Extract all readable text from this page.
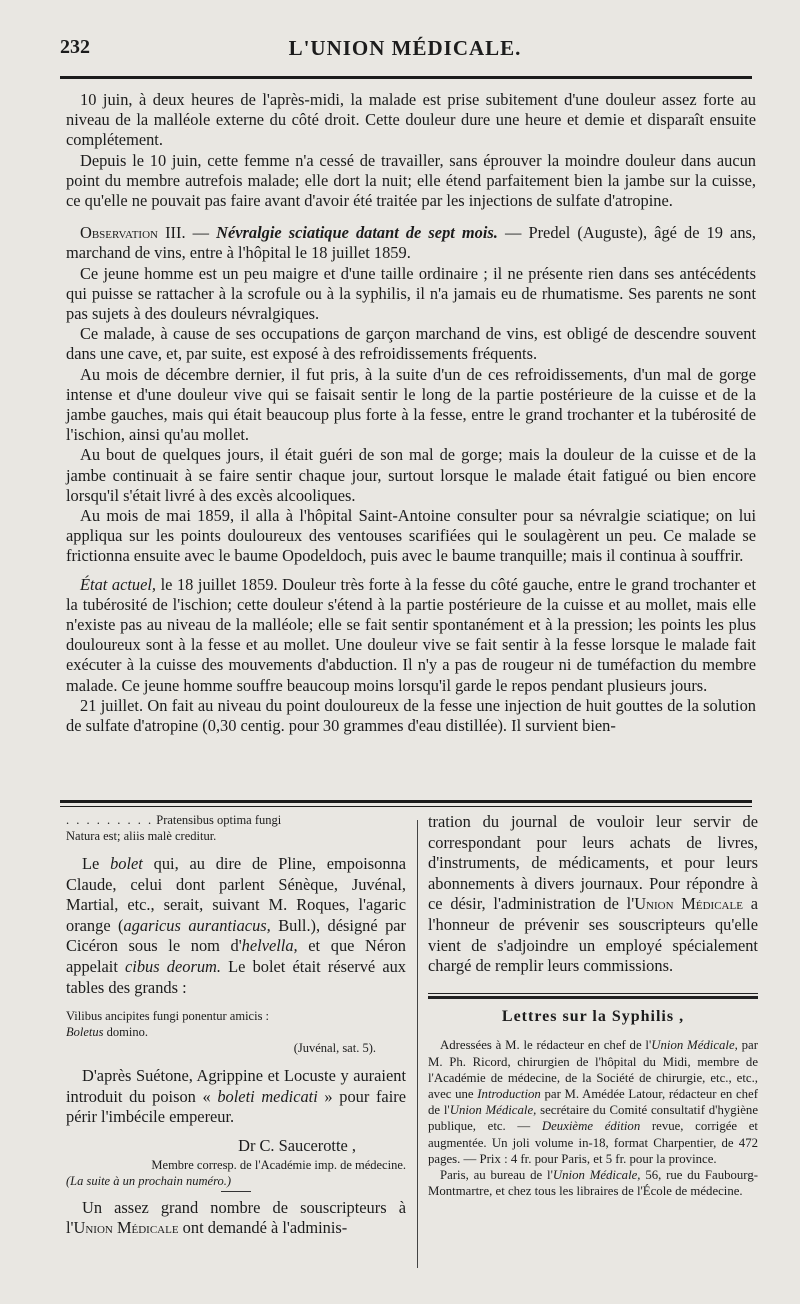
232	L'UNION MÉDICALE.

10 juin, à deux heures de l'après-midi, la malade est prise subitement d'une douleur assez forte au niveau de la malléole externe du côté droit. Cette douleur dure une heure et demie et disparaît ensuite complétement.

Depuis le 10 juin, cette femme n'a cessé de travailler, sans éprouver la moindre douleur dans aucun point du membre autrefois malade; elle dort la nuit; elle étend parfaitement bien la jambe sur la cuisse, ce qu'elle ne pouvait pas faire avant d'avoir été traitée par les injections de sulfate d'atropine.

Observation III. — Névralgie sciatique datant de sept mois. — Predel (Auguste), âgé de 19 ans, marchand de vins, entre à l'hôpital le 18 juillet 1859.

Ce jeune homme est un peu maigre et d'une taille ordinaire ; il ne présente rien dans ses antécédents qui puisse se rattacher à la scrofule ou à la syphilis, il n'a jamais eu de rhumatisme. Ses parents ne sont pas sujets à des douleurs névralgiques.

Ce malade, à cause de ses occupations de garçon marchand de vins, est obligé de descendre souvent dans une cave, et, par suite, est exposé à des refroidissements fréquents.

Au mois de décembre dernier, il fut pris, à la suite d'un de ces refroidissements, d'un mal de gorge intense et d'une douleur vive qui se faisait sentir le long de la partie postérieure de la cuisse et de la jambe gauches, mais qui était beaucoup plus forte à la fesse, entre le grand trochanter et la tubérosité de l'ischion, ainsi qu'au mollet.

Au bout de quelques jours, il était guéri de son mal de gorge; mais la douleur de la cuisse et de la jambe continuait à se faire sentir chaque jour, surtout lorsque le malade était fatigué ou bien encore lorsqu'il s'était livré à des excès alcooliques.

Au mois de mai 1859, il alla à l'hôpital Saint-Antoine consulter pour sa névralgie sciatique; on lui appliqua sur les points douloureux des ventouses scarifiées qui le soulagèrent un peu. Ce malade se frictionna ensuite avec le baume Opodeldoch, puis avec le baume tranquille; mais il continua à souffrir.

État actuel, le 18 juillet 1859. Douleur très forte à la fesse du côté gauche, entre le grand trochanter et la tubérosité de l'ischion; cette douleur s'étend à la partie postérieure de la cuisse et au mollet, mais elle n'existe pas au niveau de la malléole; elle se fait sentir spontanément et à la pression; les points les plus douloureux sont à la fesse et au mollet. Une douleur vive se fait sentir à la fesse lorsque le malade fait exécuter à la cuisse des mouvements d'abduction. Il n'y a pas de rougeur ni de tuméfaction du membre malade. Ce jeune homme souffre beaucoup moins lorsqu'il garde le repos pendant plusieurs jours.

21 juillet. On fait au niveau du point douloureux de la fesse une injection de huit gouttes de la solution de sulfate d'atropine (0,30 centig. pour 30 grammes d'eau distillée). Il survient bien-

. . . . . . . . . Pratensibus optima fungi

Natura est; aliis malè creditur.

Le bolet qui, au dire de Pline, empoisonna Claude, celui dont parlent Sénèque, Juvénal, Martial, etc., serait, suivant M. Roques, l'agaric orange (agaricus aurantiacus, Bull.), désigné par Cicéron sous le nom d'helvella, et que Néron appelait cibus deorum. Le bolet était réservé aux tables des grands :

Vilibus ancipites fungi ponentur amicis :

Boletus domino.

(Juvénal, sat. 5).

D'après Suétone, Agrippine et Locuste y auraient introduit du poison « boleti medicati » pour faire périr l'imbécile empereur.

Dr C. Saucerotte ,

Membre corresp. de l'Académie imp. de médecine.

(La suite à un prochain numéro.)

Un assez grand nombre de souscripteurs à l'Union Médicale ont demandé à l'adminis-

tration du journal de vouloir leur servir de correspondant pour leurs achats de livres, d'instruments, de médicaments, et pour leurs abonnements à divers journaux. Pour répondre à ce désir, l'administration de l'Union Médicale a l'honneur de prévenir ses souscripteurs qu'elle vient de s'adjoindre un employé spécialement chargé de remplir leurs commissions.

Lettres sur la Syphilis ,

Adressées à M. le rédacteur en chef de l'Union Médicale, par M. Ph. Ricord, chirurgien de l'hôpital du Midi, membre de l'Académie de médecine, de la Société de chirurgie, etc., etc., avec une Introduction par M. Amédée Latour, rédacteur en chef de l'Union Médicale, secrétaire du Comité consultatif d'hygiène publique, etc. — Deuxième édition revue, corrigée et augmentée. Un joli volume in-18, format Charpentier, de 472 pages. — Prix : 4 fr. pour Paris, et 5 fr. pour la province.

Paris, au bureau de l'Union Médicale, 56, rue du Faubourg-Montmartre, et chez tous les libraires de l'École de médecine.
